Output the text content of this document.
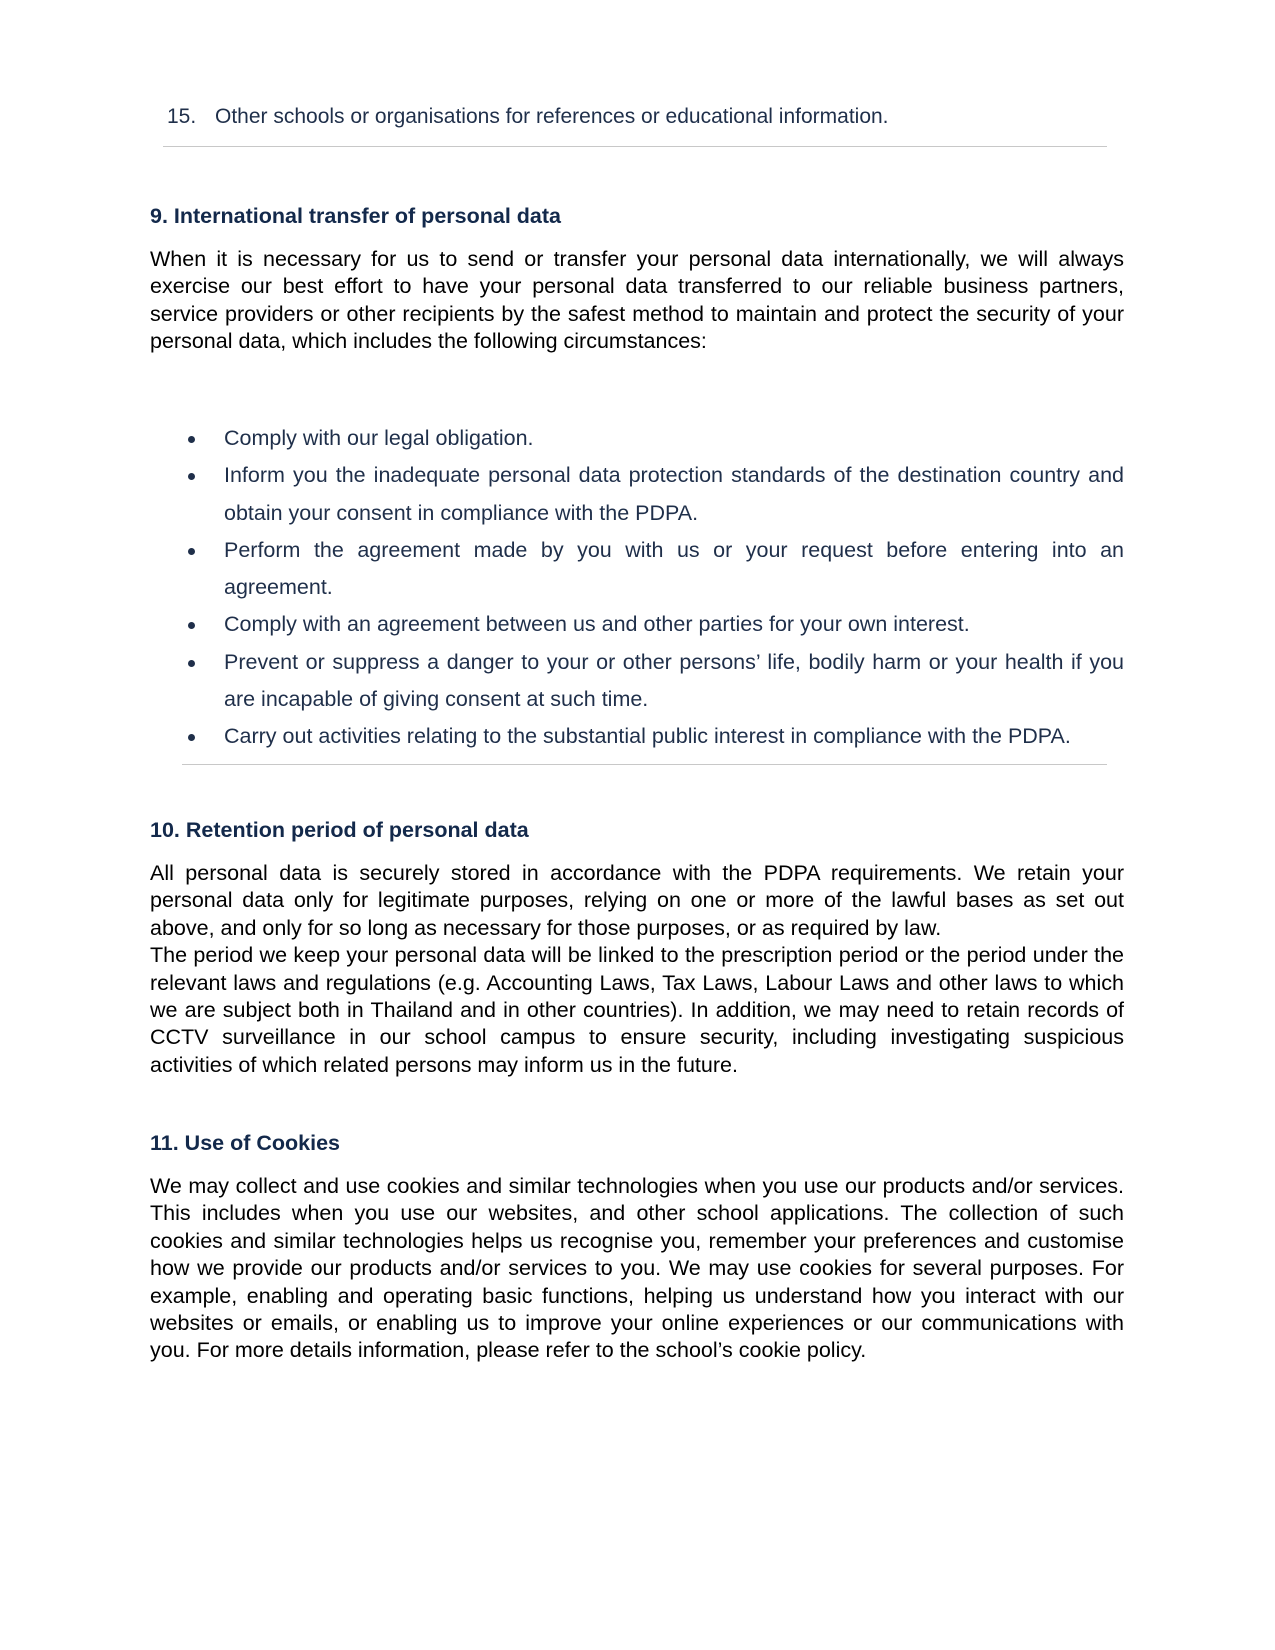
15. Other schools or organisations for references or educational information.
9. International transfer of personal data

When it is necessary for us to send or transfer your personal data internationally, we will always exercise our best effort to have your personal data transferred to our reliable business partners, service providers or other recipients by the safest method to maintain and protect the security of your personal data, which includes the following circumstances:

Comply with our legal obligation.
Inform you the inadequate personal data protection standards of the destination country and obtain your consent in compliance with the PDPA.
Perform the agreement made by you with us or your request before entering into an agreement.
Comply with an agreement between us and other parties for your own interest.
Prevent or suppress a danger to your or other persons’ life, bodily harm or your health if you are incapable of giving consent at such time.
Carry out activities relating to the substantial public interest in compliance with the PDPA.
10. Retention period of personal data

All personal data is securely stored in accordance with the PDPA requirements. We retain your personal data only for legitimate purposes, relying on one or more of the lawful bases as set out above, and only for so long as necessary for those purposes, or as required by law.

The period we keep your personal data will be linked to the prescription period or the period under the relevant laws and regulations (e.g. Accounting Laws, Tax Laws, Labour Laws and other laws to which we are subject both in Thailand and in other countries). In addition, we may need to retain records of CCTV surveillance in our school campus to ensure security, including investigating suspicious activities of which related persons may inform us in the future.

11. Use of Cookies

We may collect and use cookies and similar technologies when you use our products and/or services. This includes when you use our websites, and other school applications. The collection of such cookies and similar technologies helps us recognise you, remember your preferences and customise how we provide our products and/or services to you. We may use cookies for several purposes. For example, enabling and operating basic functions, helping us understand how you interact with our websites or emails, or enabling us to improve your online experiences or our communications with you. For more details information, please refer to the school’s cookie policy.
